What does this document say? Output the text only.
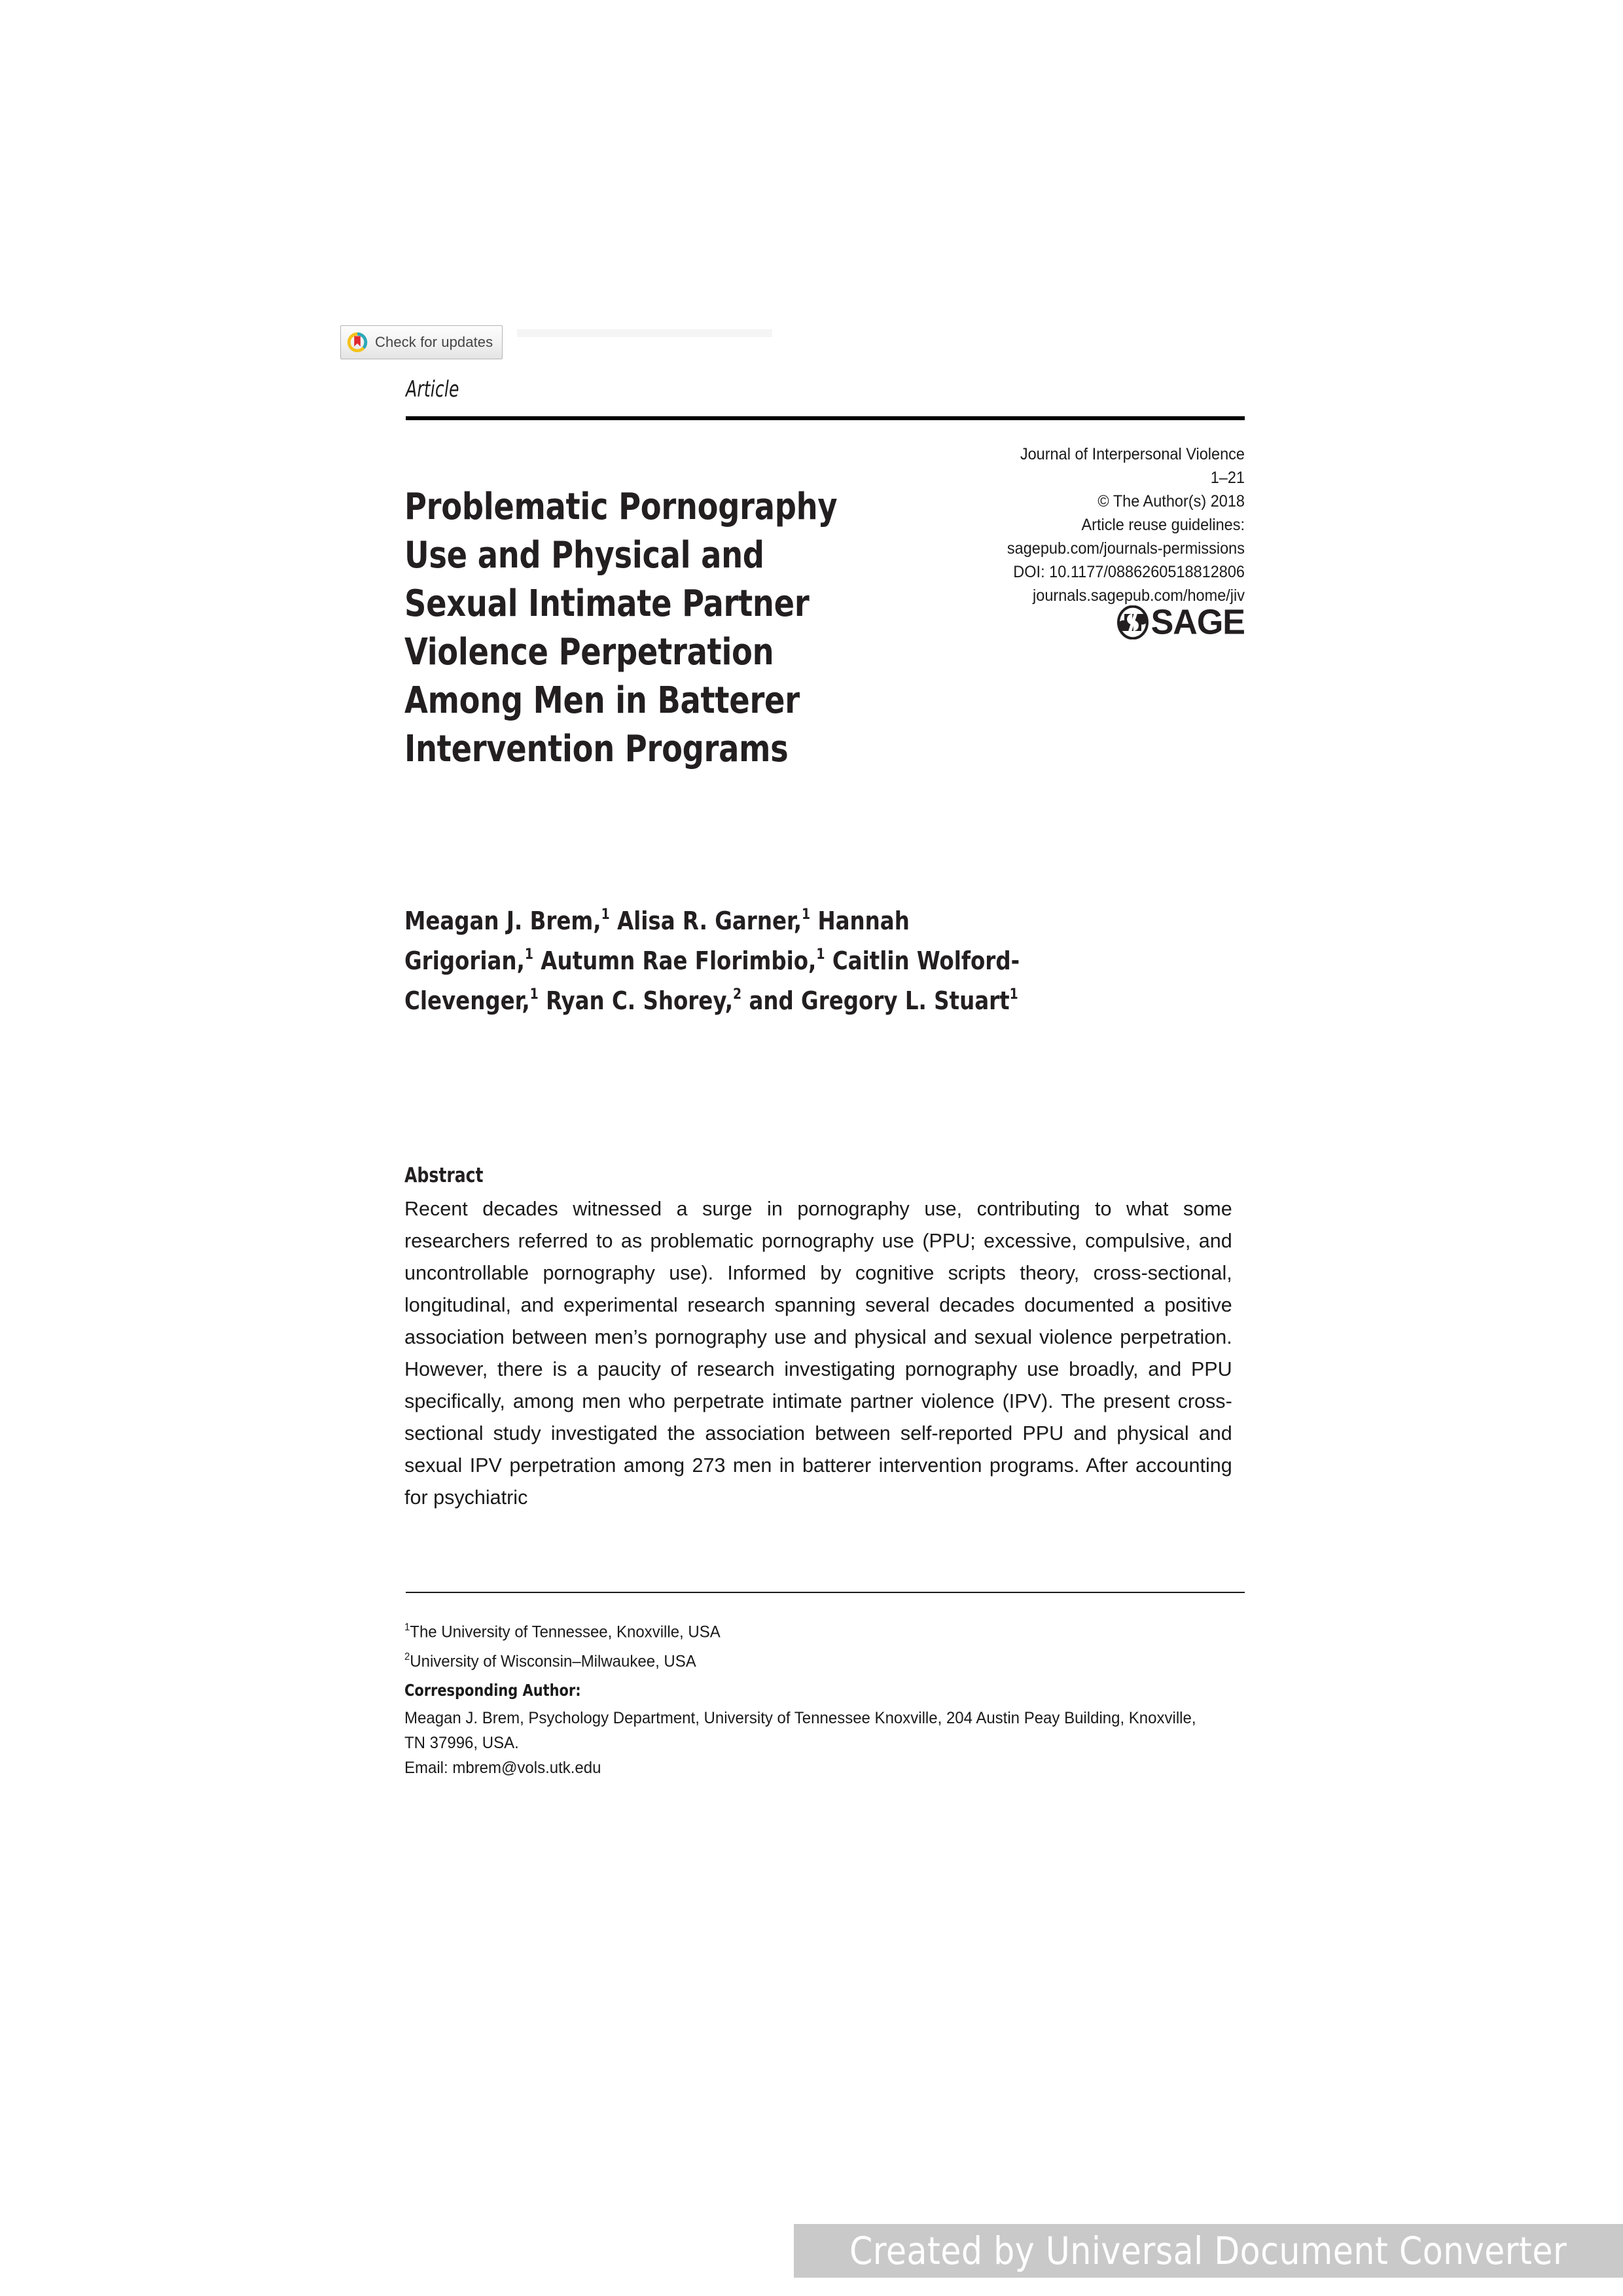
Check for updates
Article
Problematic Pornography Use and Physical and Sexual Intimate Partner Violence Perpetration Among Men in Batterer Intervention Programs
Journal of Interpersonal Violence
1–21
© The Author(s) 2018
Article reuse guidelines:
sagepub.com/journals-permissions
DOI: 10.1177/0886260518812806
journals.sagepub.com/home/jiv
SAGE
Meagan J. Brem,$^1$ Alisa R. Garner,$^1$ Hannah Grigorian,$^1$ Autumn Rae Florimbio,$^1$ Caitlin Wolford-Clevenger,$^1$ Ryan C. Shorey,$^2$ and Gregory L. Stuart$^1$
Abstract
Recent decades witnessed a surge in pornography use, contributing to what some researchers referred to as problematic pornography use (PPU; excessive, compulsive, and uncontrollable pornography use). Informed by cognitive scripts theory, cross-sectional, longitudinal, and experimental research spanning several decades documented a positive association between men’s pornography use and physical and sexual violence perpetration. However, there is a paucity of research investigating pornography use broadly, and PPU specifically, among men who perpetrate intimate partner violence (IPV). The present cross-sectional study investigated the association between self-reported PPU and physical and sexual IPV perpetration among 273 men in batterer intervention programs. After accounting for psychiatric
$^1$The University of Tennessee, Knoxville, USA
$^2$University of Wisconsin–Milwaukee, USA
Corresponding Author:
Meagan J. Brem, Psychology Department, University of Tennessee Knoxville, 204 Austin Peay Building, Knoxville, TN 37996, USA.
Email: mbrem@vols.utk.edu
Created by Universal Document Converter
